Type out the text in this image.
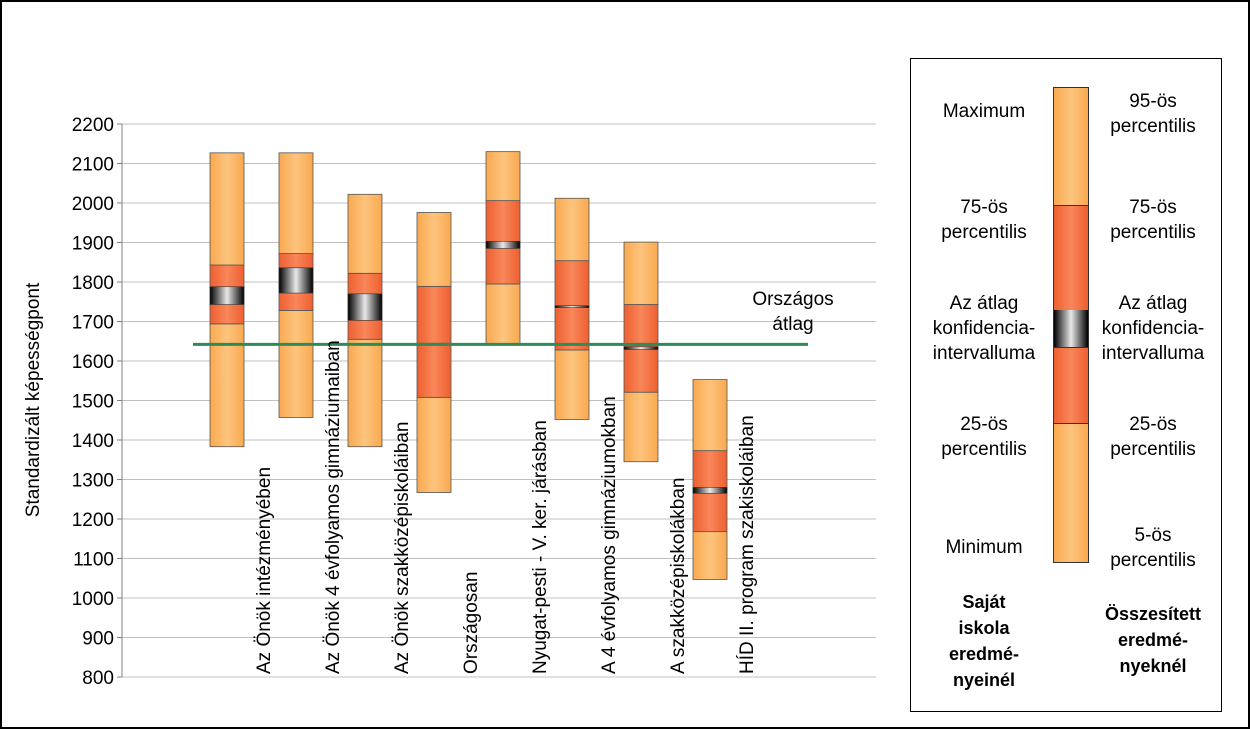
800
900
1000
1100
1200
1300
1400
1500
1600
1700
1800
1900
2000
2100
2200
Országos
átlag
Az Önök intézményében	Az Önök 4 évfolyamos gimnáziumaiban	Az Önök szakközépiskoláiban	Országosan	Nyugat-pesti - V. ker. járásban	A 4 évfolyamos gimnáziumokban	A szakközépiskolákban	HÍD II. program szakiskoláiban
Standardizált képességpont
Maximum
75-ös
percentilis
Az átlag
konfidencia-
intervalluma
25-ös
percentilis
Minimum
Saját
iskola
eredmé-
nyeinél
95-ös
percentilis
75-ös
percentilis
Az átlag
konfidencia-
intervalluma
25-ös
percentilis
5-ös
percentilis
Összesített
eredmé-
nyeknél
